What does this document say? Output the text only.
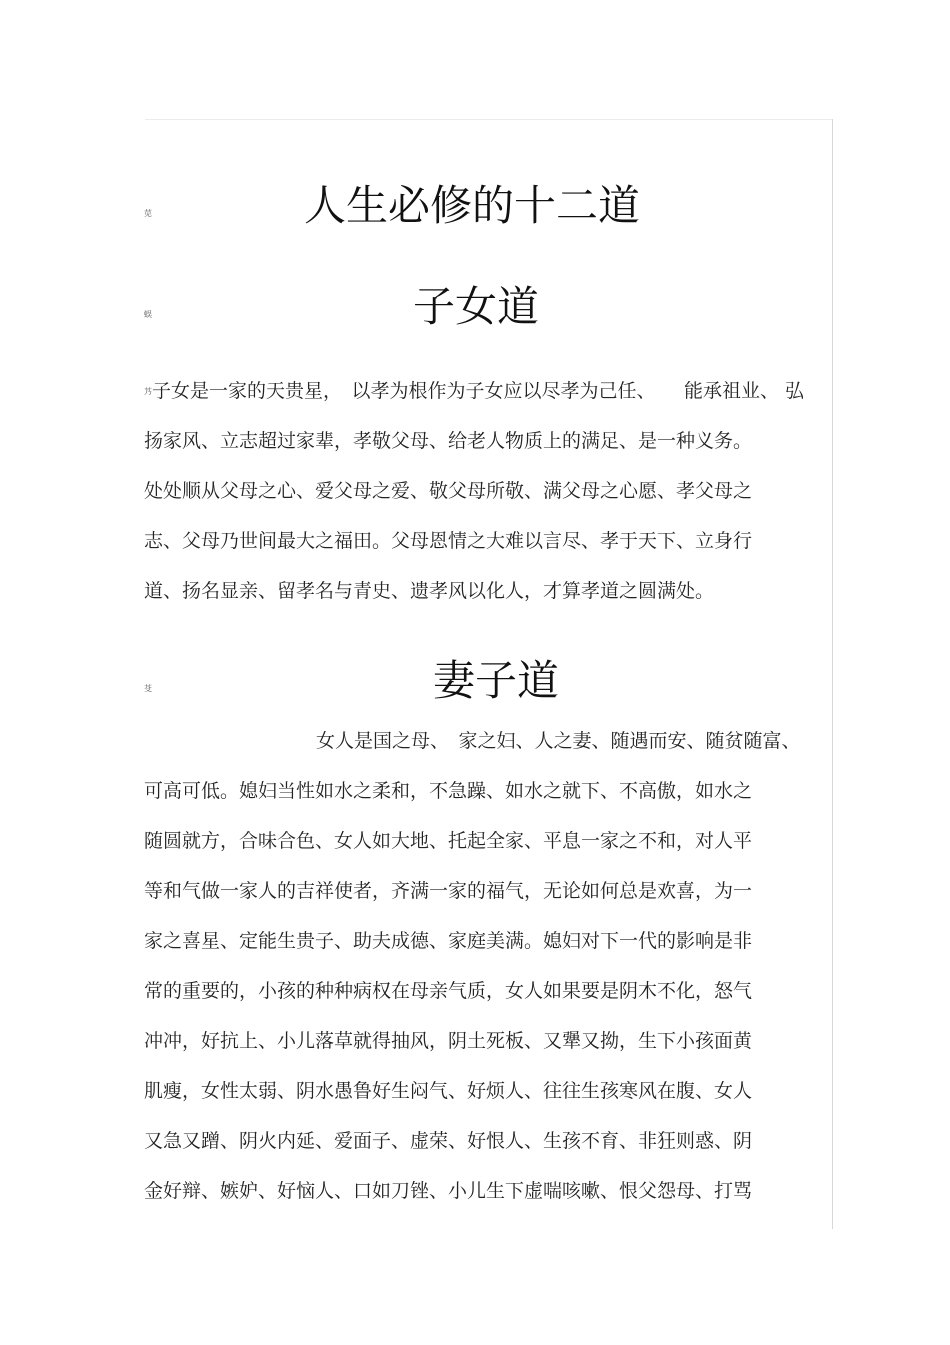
苋	人生必修的十二道
蜈	子女道
艿子女是一家的天贵星，　以孝为根作为子女应以尽孝为己任、　　能承祖业、 弘
扬家风、立志超过家辈，孝敬父母、给老人物质上的满足、是一种义务。
处处顺从父母之心、爱父母之爱、敬父母所敬、满父母之心愿、孝父母之
志、父母乃世间最大之福田。父母恩情之大难以言尽、孝于天下、立身行
道、扬名显亲、留孝名与青史、遗孝风以化人，才算孝道之圆满处。
芟	妻子道
女人是国之母、　家之妇、人之妻、随遇而安、随贫随富、
可高可低。媳妇当性如水之柔和，不急躁、如水之就下、不高傲，如水之
随圆就方，合味合色、女人如大地、托起全家、平息一家之不和，对人平
等和气做一家人的吉祥使者，齐满一家的福气，无论如何总是欢喜，为一
家之喜星、定能生贵子、助夫成德、家庭美满。媳妇对下一代的影响是非
常的重要的，小孩的种种病权在母亲气质，女人如果要是阴木不化，怒气
冲冲，好抗上、小儿落草就得抽风，阴土死板、又犟又拗，生下小孩面黄
肌瘦，女性太弱、阴水愚鲁好生闷气、好烦人、往往生孩寒风在腹、女人
又急又蹭、阴火内延、爱面子、虚荣、好恨人、生孩不育、非狂则惑、阴
金好辩、嫉妒、好恼人、口如刀锉、小儿生下虚喘咳嗽、恨父怨母、打骂
